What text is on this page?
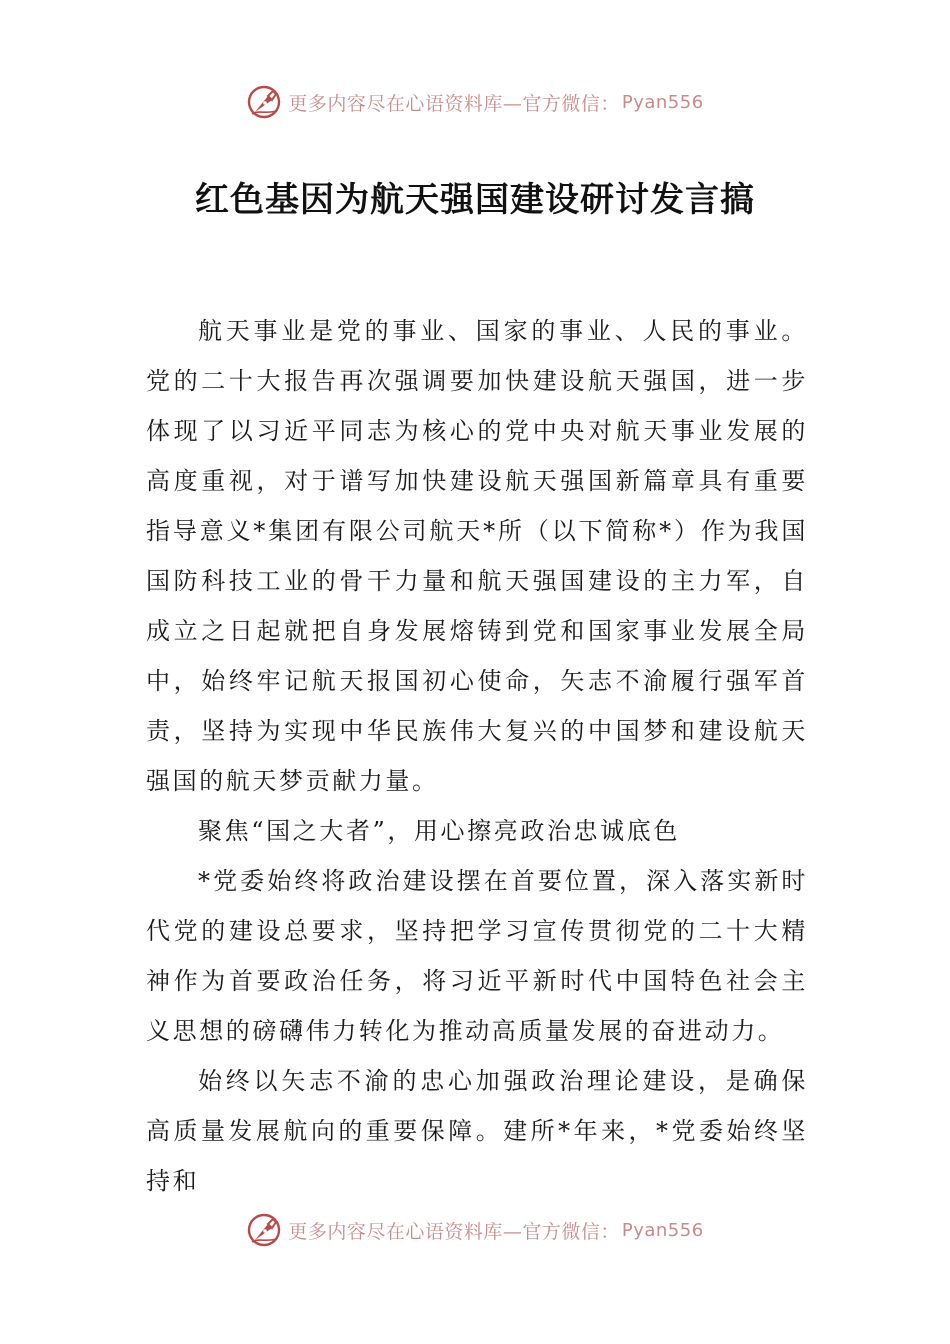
更多内容尽在心语资料库—官方微信： Pyan556
红色基因为航天强国建设研讨发言搞

航天事业是党的事业、国家的事业、人民的事业。党的二十大报告再次强调要加快建设航天强国，进一步体现了以习近平同志为核心的党中央对航天事业发展的高度重视，对于谱写加快建设航天强国新篇章具有重要指导意义*集团有限公司航天*所（以下简称*）作为我国国防科技工业的骨干力量和航天强国建设的主力军，自成立之日起就把自身发展熔铸到党和国家事业发展全局中，始终牢记航天报国初心使命，矢志不渝履行强军首责，坚持为实现中华民族伟大复兴的中国梦和建设航天强国的航天梦贡献力量。

聚焦“国之大者”，用心擦亮政治忠诚底色

*党委始终将政治建设摆在首要位置，深入落实新时代党的建设总要求，坚持把学习宣传贯彻党的二十大精神作为首要政治任务，将习近平新时代中国特色社会主义思想的磅礴伟力转化为推动高质量发展的奋进动力。

始终以矢志不渝的忠心加强政治理论建设，是确保高质量发展航向的重要保障。建所*年来，*党委始终坚持和

更多内容尽在心语资料库—官方微信： Pyan556
